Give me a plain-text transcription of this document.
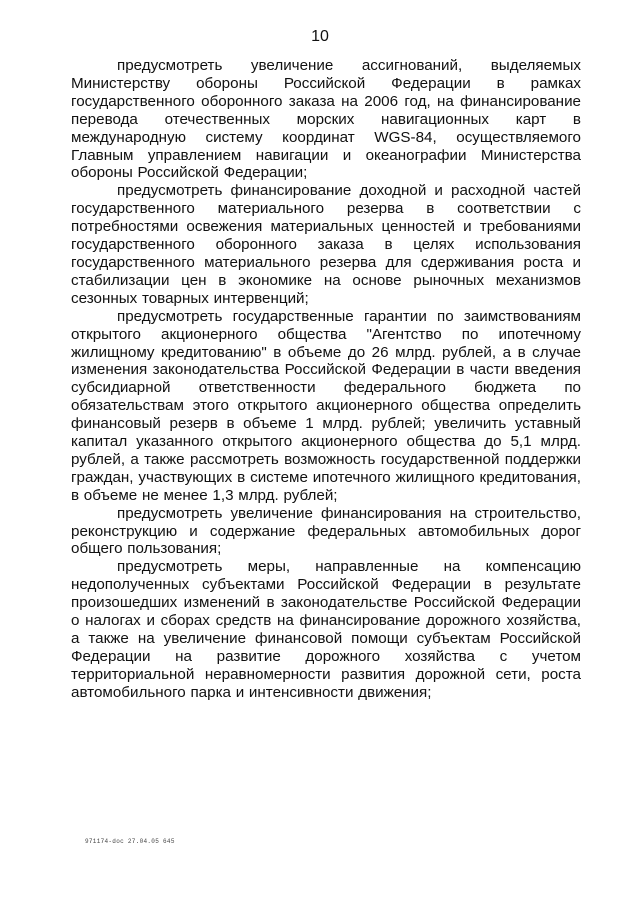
10

предусмотреть увеличение ассигнований, выделяемых Министерству обороны Российской Федерации в рамках государственного оборонного заказа на 2006 год, на финансирование перевода отечественных морских навигационных карт в международную систему координат WGS-84, осуществляемого Главным управлением навигации и океанографии Министерства обороны Российской Федерации;

предусмотреть финансирование доходной и расходной частей государственного материального резерва в соответствии с потребностями освежения материальных ценностей и требованиями государственного оборонного заказа в целях использования государственного материального резерва для сдерживания роста и стабилизации цен в экономике на основе рыночных механизмов сезонных товарных интервенций;

предусмотреть государственные гарантии по заимствованиям открытого акционерного общества "Агентство по ипотечному жилищному кредитованию" в объеме до 26 млрд. рублей, а в случае изменения законодательства Российской Федерации в части введения субсидиарной ответственности федерального бюджета по обязательствам этого открытого акционерного общества определить финансовый резерв в объеме 1 млрд. рублей; увеличить уставный капитал указанного открытого акционерного общества до 5,1 млрд. рублей, а также рассмотреть возможность государственной поддержки граждан, участвующих в системе ипотечного жилищного кредитования, в объеме не менее 1,3 млрд. рублей;

предусмотреть увеличение финансирования на строительство, реконструкцию и содержание федеральных автомобильных дорог общего пользования;

предусмотреть меры, направленные на компенсацию недополученных субъектами Российской Федерации в результате произошедших изменений в законодательстве Российской Федерации о налогах и сборах средств на финансирование дорожного хозяйства, а также на увеличение финансовой помощи субъектам Российской Федерации на развитие дорожного хозяйства с учетом территориальной неравномерности развития дорожной сети, роста автомобильного парка и интенсивности движения;

971174-doc 27.04.05 645
